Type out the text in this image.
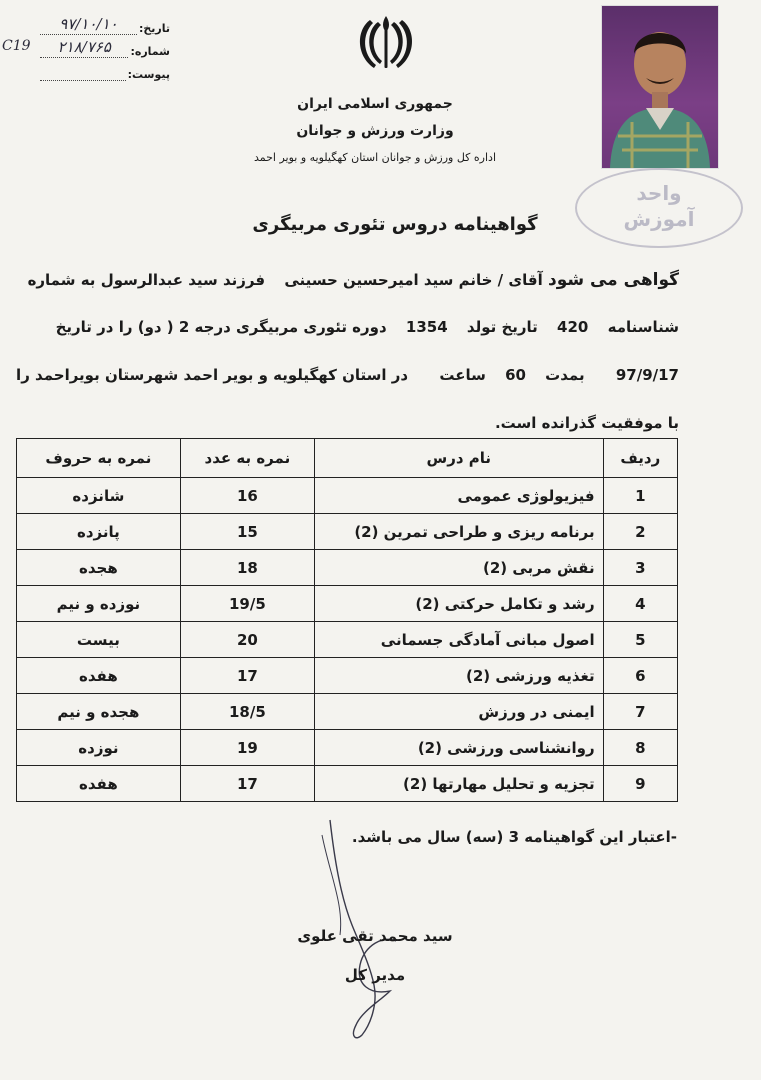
تاریخ:
۹۷/۱۰/۱۰
شماره:
۲۱۸/۷۶۵
C19
پیوست:
جمهوری اسلامی ایران
وزارت ورزش و جوانان
اداره کل ورزش و جوانان استان کهگیلویه و بویر احمد
واحد
آموزش
گواهینامه دروس تئوری مربیگری
گواهی می شود آقای / خانم سید امیرحسین حسینی فرزند سید عبدالرسول به شماره
شناسنامه 420 تاریخ تولد 1354 دوره تئوری مربیگری درجه 2 ( دو) را در تاریخ
97/9/17 بمدت 60 ساعت در استان کهگیلویه و بویر احمد شهرستان بویراحمد را
با موفقیت گذرانده است.
ردیف	نام درس	نمره به عدد	نمره به حروف
1	فیزیولوژی عمومی	16	شانزده
2	برنامه ریزی و طراحی تمرین (2)	15	پانزده
3	نقش مربی (2)	18	هجده
4	رشد و تکامل حرکتی (2)	19/5	نوزده و نیم
5	اصول مبانی آمادگی جسمانی	20	بیست
6	تغذیه ورزشی (2)	17	هفده
7	ایمنی در ورزش	18/5	هجده و نیم
8	روانشناسی ورزشی (2)	19	نوزده
9	تجزیه و تحلیل مهارتها (2)	17	هفده
-اعتبار این گواهینامه 3 (سه) سال می باشد.
سید محمد تقی علوی
مدیر کل
